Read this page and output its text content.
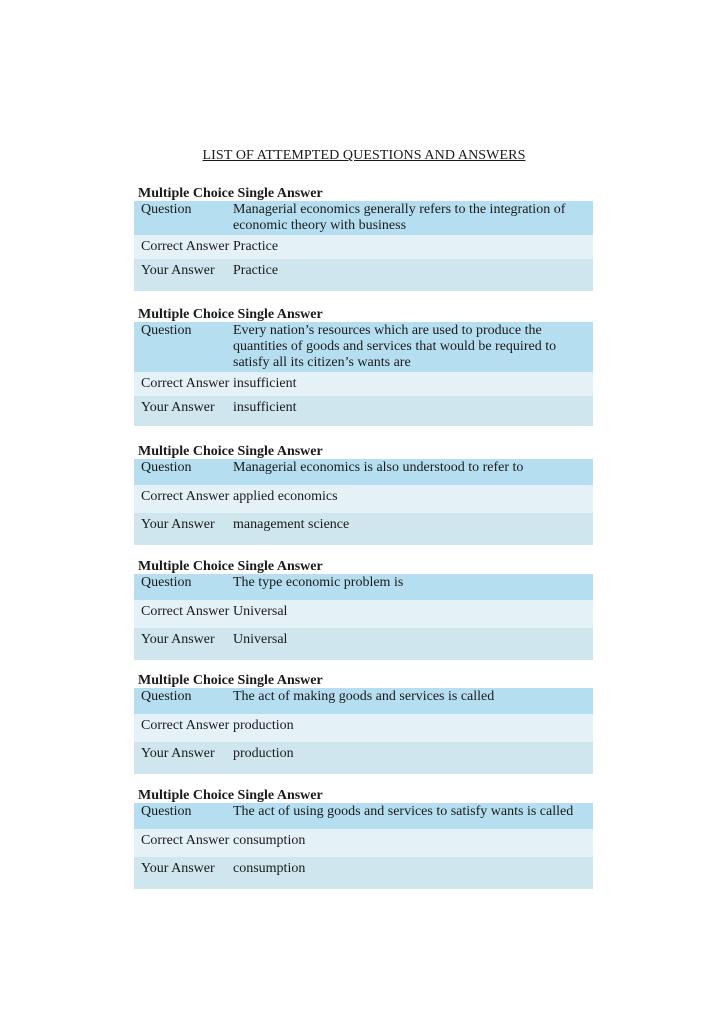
LIST OF ATTEMPTED QUESTIONS AND ANSWERS
Multiple Choice Single Answer
Question	Managerial economics generally refers to the integration of economic theory with business
Correct Answer Practice
Your Answer	Practice
Multiple Choice Single Answer
Question	Every nation’s resources which are used to produce the quantities of goods and services that would be required to satisfy all its citizen’s wants are
Correct Answer insufficient
Your Answer	insufficient
Multiple Choice Single Answer
Question	Managerial economics is also understood to refer to
Correct Answer applied economics
Your Answer	management science
Multiple Choice Single Answer
Question	The type economic problem is
Correct Answer Universal
Your Answer	Universal
Multiple Choice Single Answer
Question	The act of making goods and services is called
Correct Answer production
Your Answer	production
Multiple Choice Single Answer
Question	The act of using goods and services to satisfy wants is called
Correct Answer consumption
Your Answer	consumption
